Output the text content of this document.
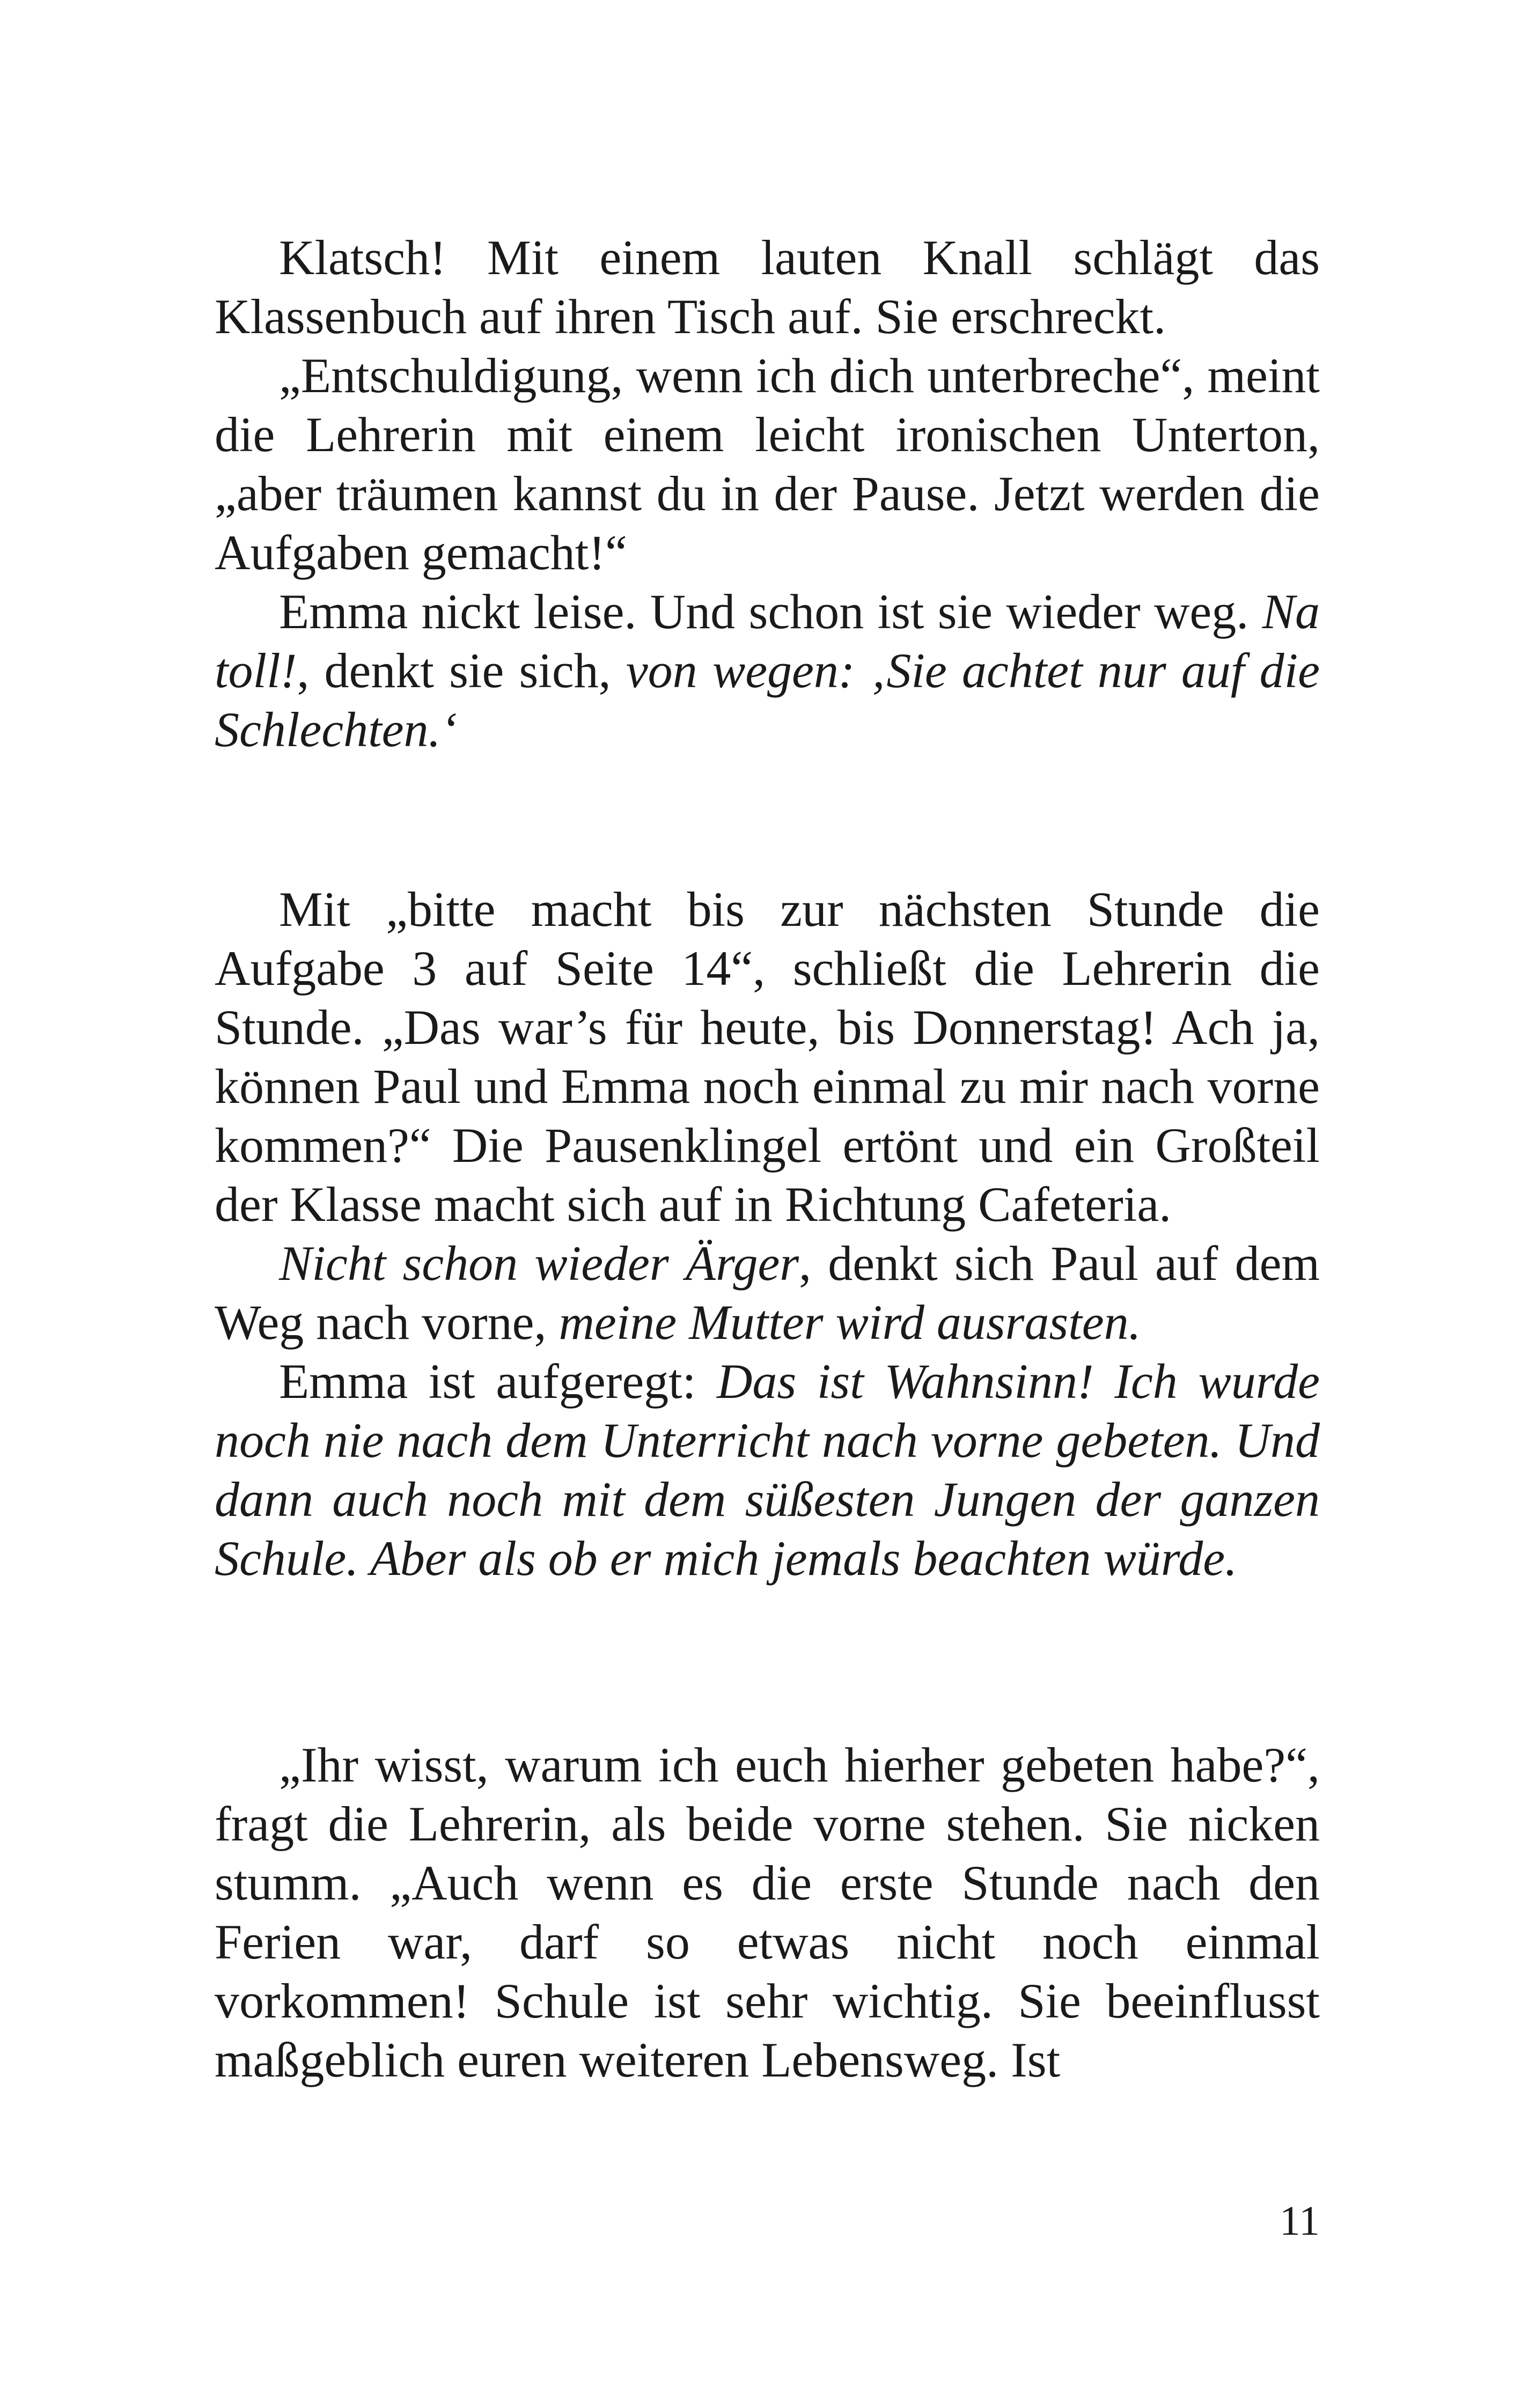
Klatsch! Mit einem lauten Knall schlägt das Klassenbuch auf ihren Tisch auf. Sie erschreckt.

„Entschuldigung, wenn ich dich unterbreche“, meint die Lehrerin mit einem leicht ironischen Unterton, „aber träumen kannst du in der Pause. Jetzt werden die Aufgaben gemacht!“

Emma nickt leise. Und schon ist sie wieder weg. Na toll!, denkt sie sich, von wegen: ‚Sie achtet nur auf die Schlechten.‘

Mit „bitte macht bis zur nächsten Stunde die Aufgabe 3 auf Seite 14“, schließt die Lehrerin die Stunde. „Das war’s für heute, bis Donnerstag! Ach ja, können Paul und Emma noch einmal zu mir nach vorne kommen?“ Die Pausenklingel ertönt und ein Großteil der Klasse macht sich auf in Richtung Cafeteria.

Nicht schon wieder Ärger, denkt sich Paul auf dem Weg nach vorne, meine Mutter wird ausrasten.

Emma ist aufgeregt: Das ist Wahnsinn! Ich wurde noch nie nach dem Unterricht nach vorne gebeten. Und dann auch noch mit dem süßesten Jungen der ganzen Schule. Aber als ob er mich jemals beachten würde.

„Ihr wisst, warum ich euch hierher gebeten habe?“, fragt die Lehrerin, als beide vorne stehen. Sie nicken stumm. „Auch wenn es die erste Stunde nach den Ferien war, darf so etwas nicht noch einmal vorkommen! Schule ist sehr wichtig. Sie beeinflusst maßgeblich euren weiteren Lebensweg. Ist

11
